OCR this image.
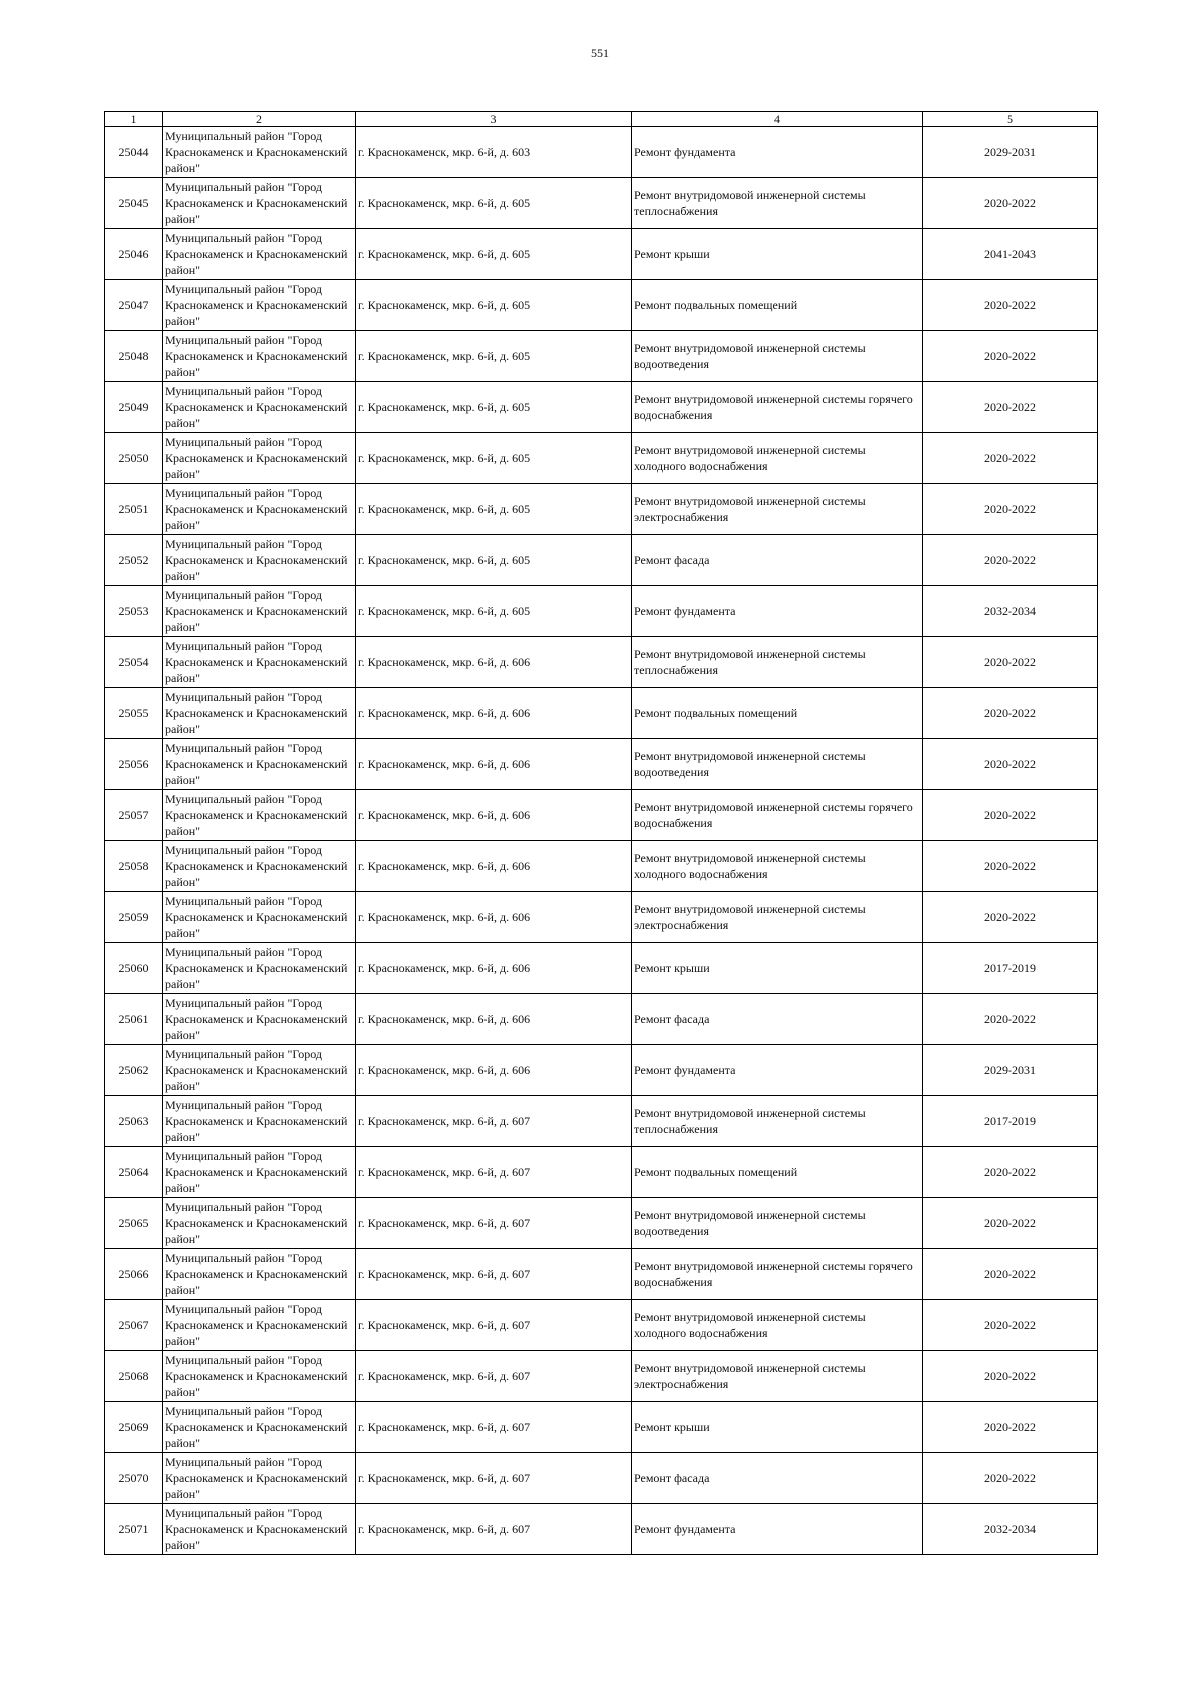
551
1	2	3	4	5
25044	Муниципальный район "Город Краснокаменск и Краснокаменский район"	г. Краснокаменск, мкр. 6-й, д. 603	Ремонт фундамента	2029-2031
25045	Муниципальный район "Город Краснокаменск и Краснокаменский район"	г. Краснокаменск, мкр. 6-й, д. 605	Ремонт внутридомовой инженерной системы теплоснабжения	2020-2022
25046	Муниципальный район "Город Краснокаменск и Краснокаменский район"	г. Краснокаменск, мкр. 6-й, д. 605	Ремонт крыши	2041-2043
25047	Муниципальный район "Город Краснокаменск и Краснокаменский район"	г. Краснокаменск, мкр. 6-й, д. 605	Ремонт подвальных помещений	2020-2022
25048	Муниципальный район "Город Краснокаменск и Краснокаменский район"	г. Краснокаменск, мкр. 6-й, д. 605	Ремонт внутридомовой инженерной системы водоотведения	2020-2022
25049	Муниципальный район "Город Краснокаменск и Краснокаменский район"	г. Краснокаменск, мкр. 6-й, д. 605	Ремонт внутридомовой инженерной системы горячего водоснабжения	2020-2022
25050	Муниципальный район "Город Краснокаменск и Краснокаменский район"	г. Краснокаменск, мкр. 6-й, д. 605	Ремонт внутридомовой инженерной системы холодного водоснабжения	2020-2022
25051	Муниципальный район "Город Краснокаменск и Краснокаменский район"	г. Краснокаменск, мкр. 6-й, д. 605	Ремонт внутридомовой инженерной системы электроснабжения	2020-2022
25052	Муниципальный район "Город Краснокаменск и Краснокаменский район"	г. Краснокаменск, мкр. 6-й, д. 605	Ремонт фасада	2020-2022
25053	Муниципальный район "Город Краснокаменск и Краснокаменский район"	г. Краснокаменск, мкр. 6-й, д. 605	Ремонт фундамента	2032-2034
25054	Муниципальный район "Город Краснокаменск и Краснокаменский район"	г. Краснокаменск, мкр. 6-й, д. 606	Ремонт внутридомовой инженерной системы теплоснабжения	2020-2022
25055	Муниципальный район "Город Краснокаменск и Краснокаменский район"	г. Краснокаменск, мкр. 6-й, д. 606	Ремонт подвальных помещений	2020-2022
25056	Муниципальный район "Город Краснокаменск и Краснокаменский район"	г. Краснокаменск, мкр. 6-й, д. 606	Ремонт внутридомовой инженерной системы водоотведения	2020-2022
25057	Муниципальный район "Город Краснокаменск и Краснокаменский район"	г. Краснокаменск, мкр. 6-й, д. 606	Ремонт внутридомовой инженерной системы горячего водоснабжения	2020-2022
25058	Муниципальный район "Город Краснокаменск и Краснокаменский район"	г. Краснокаменск, мкр. 6-й, д. 606	Ремонт внутридомовой инженерной системы холодного водоснабжения	2020-2022
25059	Муниципальный район "Город Краснокаменск и Краснокаменский район"	г. Краснокаменск, мкр. 6-й, д. 606	Ремонт внутридомовой инженерной системы электроснабжения	2020-2022
25060	Муниципальный район "Город Краснокаменск и Краснокаменский район"	г. Краснокаменск, мкр. 6-й, д. 606	Ремонт крыши	2017-2019
25061	Муниципальный район "Город Краснокаменск и Краснокаменский район"	г. Краснокаменск, мкр. 6-й, д. 606	Ремонт фасада	2020-2022
25062	Муниципальный район "Город Краснокаменск и Краснокаменский район"	г. Краснокаменск, мкр. 6-й, д. 606	Ремонт фундамента	2029-2031
25063	Муниципальный район "Город Краснокаменск и Краснокаменский район"	г. Краснокаменск, мкр. 6-й, д. 607	Ремонт внутридомовой инженерной системы теплоснабжения	2017-2019
25064	Муниципальный район "Город Краснокаменск и Краснокаменский район"	г. Краснокаменск, мкр. 6-й, д. 607	Ремонт подвальных помещений	2020-2022
25065	Муниципальный район "Город Краснокаменск и Краснокаменский район"	г. Краснокаменск, мкр. 6-й, д. 607	Ремонт внутридомовой инженерной системы водоотведения	2020-2022
25066	Муниципальный район "Город Краснокаменск и Краснокаменский район"	г. Краснокаменск, мкр. 6-й, д. 607	Ремонт внутридомовой инженерной системы горячего водоснабжения	2020-2022
25067	Муниципальный район "Город Краснокаменск и Краснокаменский район"	г. Краснокаменск, мкр. 6-й, д. 607	Ремонт внутридомовой инженерной системы холодного водоснабжения	2020-2022
25068	Муниципальный район "Город Краснокаменск и Краснокаменский район"	г. Краснокаменск, мкр. 6-й, д. 607	Ремонт внутридомовой инженерной системы электроснабжения	2020-2022
25069	Муниципальный район "Город Краснокаменск и Краснокаменский район"	г. Краснокаменск, мкр. 6-й, д. 607	Ремонт крыши	2020-2022
25070	Муниципальный район "Город Краснокаменск и Краснокаменский район"	г. Краснокаменск, мкр. 6-й, д. 607	Ремонт фасада	2020-2022
25071	Муниципальный район "Город Краснокаменск и Краснокаменский район"	г. Краснокаменск, мкр. 6-й, д. 607	Ремонт фундамента	2032-2034
